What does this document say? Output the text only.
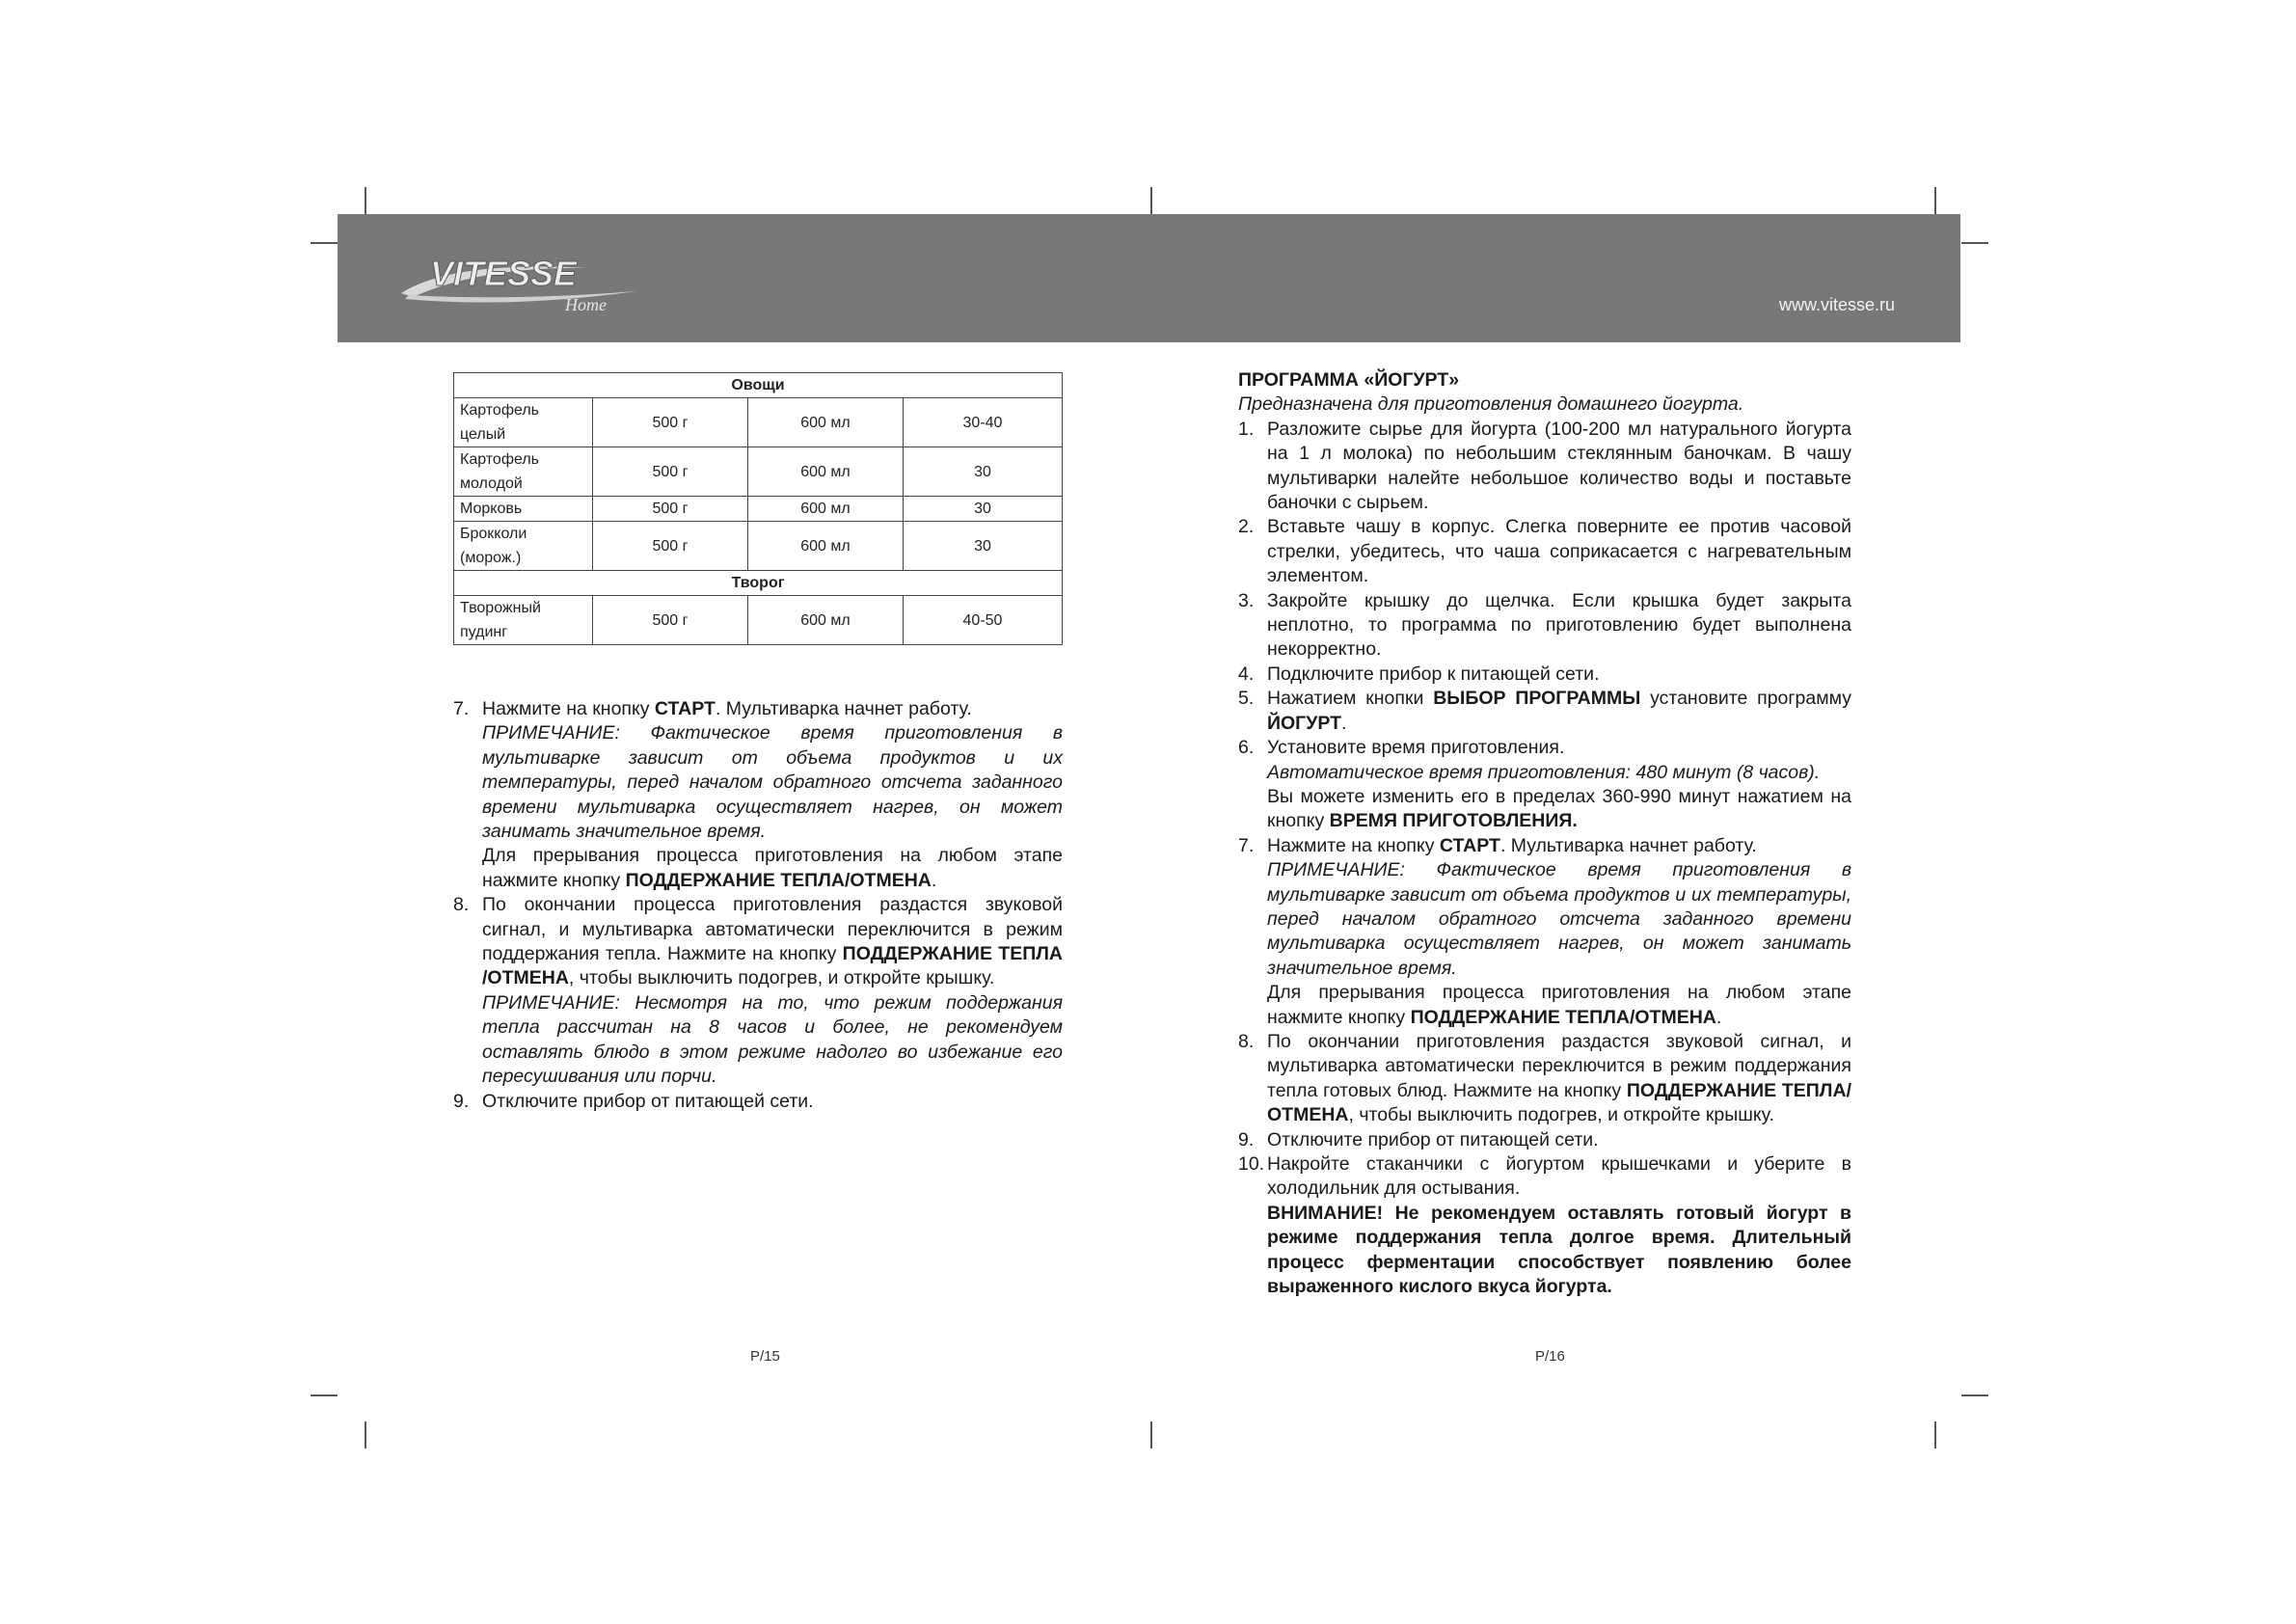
VITESSE
Home	www.vitesse.ru
Овощи			
Картофель целый	500 г	600 мл	30-40
Картофель молодой	500 г	600 мл	30
Морковь	500 г	600 мл	30
Брокколи (морож.)	500 г	600 мл	30
Творог			
Творожный пудинг	500 г	600 мл	40-50
7. Нажмите на кнопку СТАРТ. Мультиварка начнет работу.

ПРИМЕЧАНИЕ: Фактическое время приготовления в мультиварке зависит от объема продуктов и их температуры, перед началом обратного отсчета заданного времени мультиварка осуществляет нагрев, он может занимать значительное время.

Для прерывания процесса приготовления на любом этапе нажмите кнопку ПОДДЕРЖАНИЕ ТЕПЛА/ОТМЕНА.

8. По окончании процесса приготовления раздастся звуковой сигнал, и мультиварка автоматически переключится в режим поддержания тепла. Нажмите на кнопку ПОДДЕРЖАНИЕ ТЕПЛА /ОТМЕНА, чтобы выключить подогрев, и откройте крышку.

ПРИМЕЧАНИЕ: Несмотря на то, что режим поддержания тепла рассчитан на 8 часов и более, не рекомендуем оставлять блюдо в этом режиме надолго во избежание его пересушивания или порчи.

9. Отключите прибор от питающей сети.

P/15

ПРОГРАММА «ЙОГУРТ»

Предназначена для приготовления домашнего йогурта.

1. Разложите сырье для йогурта (100-200 мл натурального йогурта на 1 л молока) по небольшим стеклянным баночкам. В чашу мультиварки налейте небольшое количество воды и поставьте баночки с сырьем.

2. Вставьте чашу в корпус. Слегка поверните ее против часовой стрелки, убедитесь, что чаша соприкасается с нагревательным элементом.

3. Закройте крышку до щелчка. Если крышка будет закрыта неплотно, то программа по приготовлению будет выполнена некорректно.

4. Подключите прибор к питающей сети.

5. Нажатием кнопки ВЫБОР ПРОГРАММЫ установите программу ЙОГУРТ.

6. Установите время приготовления.

Автоматическое время приготовления: 480 минут (8 часов).

Вы можете изменить его в пределах 360-990 минут нажатием на кнопку ВРЕМЯ ПРИГОТОВЛЕНИЯ.

7. Нажмите на кнопку СТАРТ. Мультиварка начнет работу.

ПРИМЕЧАНИЕ: Фактическое время приготовления в мультиварке зависит от объема продуктов и их температуры, перед началом обратного отсчета заданного времени мультиварка осуществляет нагрев, он может занимать значительное время.

Для прерывания процесса приготовления на любом этапе нажмите кнопку ПОДДЕРЖАНИЕ ТЕПЛА/ОТМЕНА.

8. По окончании приготовления раздастся звуковой сигнал, и мультиварка автоматически переключится в режим поддержания тепла готовых блюд. Нажмите на кнопку ПОДДЕРЖАНИЕ ТЕПЛА/ОТМЕНА, чтобы выключить подогрев, и откройте крышку.

9. Отключите прибор от питающей сети.

10. Накройте стаканчики с йогуртом крышечками и уберите в холодильник для остывания.

ВНИМАНИЕ! Не рекомендуем оставлять готовый йогурт в режиме поддержания тепла долгое время. Длительный процесс ферментации способствует появлению более выраженного кислого вкуса йогурта.

P/16
